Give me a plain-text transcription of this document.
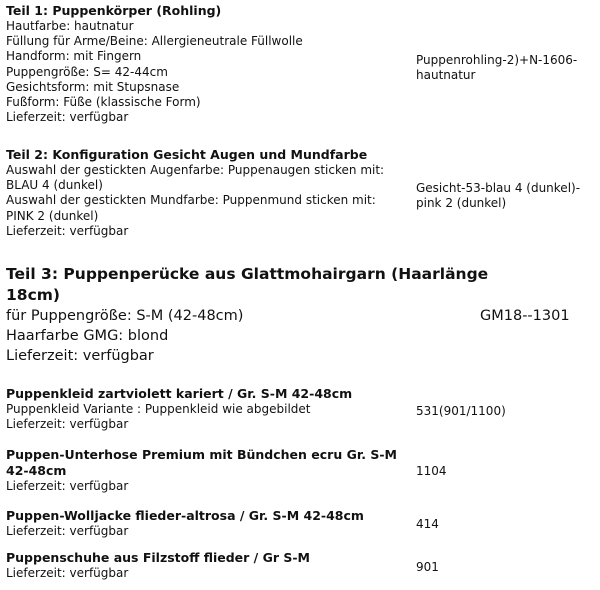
Teil 1: Puppenkörper (Rohling)
Hautfarbe: hautnatur
Füllung für Arme/Beine: Allergieneutrale Füllwolle
Handform: mit Fingern
Puppengröße: S= 42-44cm
Gesichtsform: mit Stupsnase
Fußform: Füße (klassische Form)
Lieferzeit: verfügbar
Puppenrohling-2)+N-1606-
hautnatur
Teil 2: Konfiguration Gesicht Augen und Mundfarbe
Auswahl der gestickten Augenfarbe: Puppenaugen sticken mit:
BLAU 4 (dunkel)
Auswahl der gestickten Mundfarbe: Puppenmund sticken mit:
PINK 2 (dunkel)
Lieferzeit: verfügbar
Gesicht-53-blau 4 (dunkel)-
pink 2 (dunkel)
Teil 3: Puppenperücke aus Glattmohairgarn (Haarlänge
18cm)
für Puppengröße: S-M (42-48cm)
Haarfarbe GMG: blond
Lieferzeit: verfügbar
GM18--1301
Puppenkleid zartviolett kariert / Gr. S-M 42-48cm
Puppenkleid Variante : Puppenkleid wie abgebildet
Lieferzeit: verfügbar
531(901/1100)
Puppen-Unterhose Premium mit Bündchen ecru Gr. S-M
42-48cm
Lieferzeit: verfügbar
1104
Puppen-Wolljacke flieder-altrosa / Gr. S-M 42-48cm
Lieferzeit: verfügbar	414
Puppenschuhe aus Filzstoff flieder / Gr S-M
Lieferzeit: verfügbar	901
